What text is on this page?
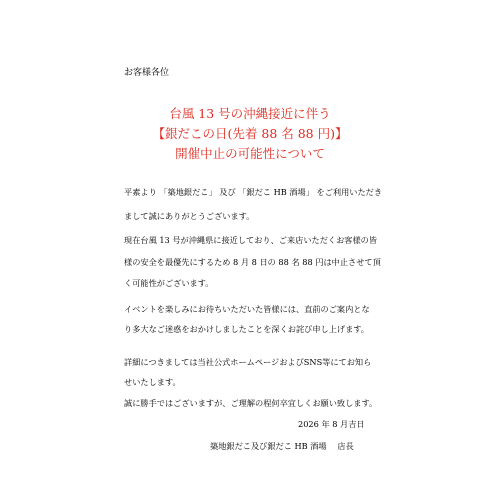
お客様各位
台風 13 号の沖縄接近に伴う
【銀だこの日(先着 88 名 88 円)】
開催中止の可能性について
平素より 「築地銀だこ」 及び 「銀だこ HB 酒場」 をご利用いただき
まして誠にありがとうございます。
現在台風 13 号が沖縄県に接近しており、ご来店いただくお客様の皆
様の安全を最優先にするため 8 月 8 日の 88 名 88 円は中止させて頂
く可能性がございます。
イベントを楽しみにお待ちいただいた皆様には、直前のご案内とな
り多大なご迷惑をおかけしましたことを深くお詫び申し上げます。
詳細につきましては当社公式ホームページおよびSNS等にてお知ら
せいたします。
誠に勝手ではございますが、ご理解の程何卒宜しくお願い致します。
2026 年 8 月吉日
築地銀だこ及び銀だこ HB 酒場　 店長
